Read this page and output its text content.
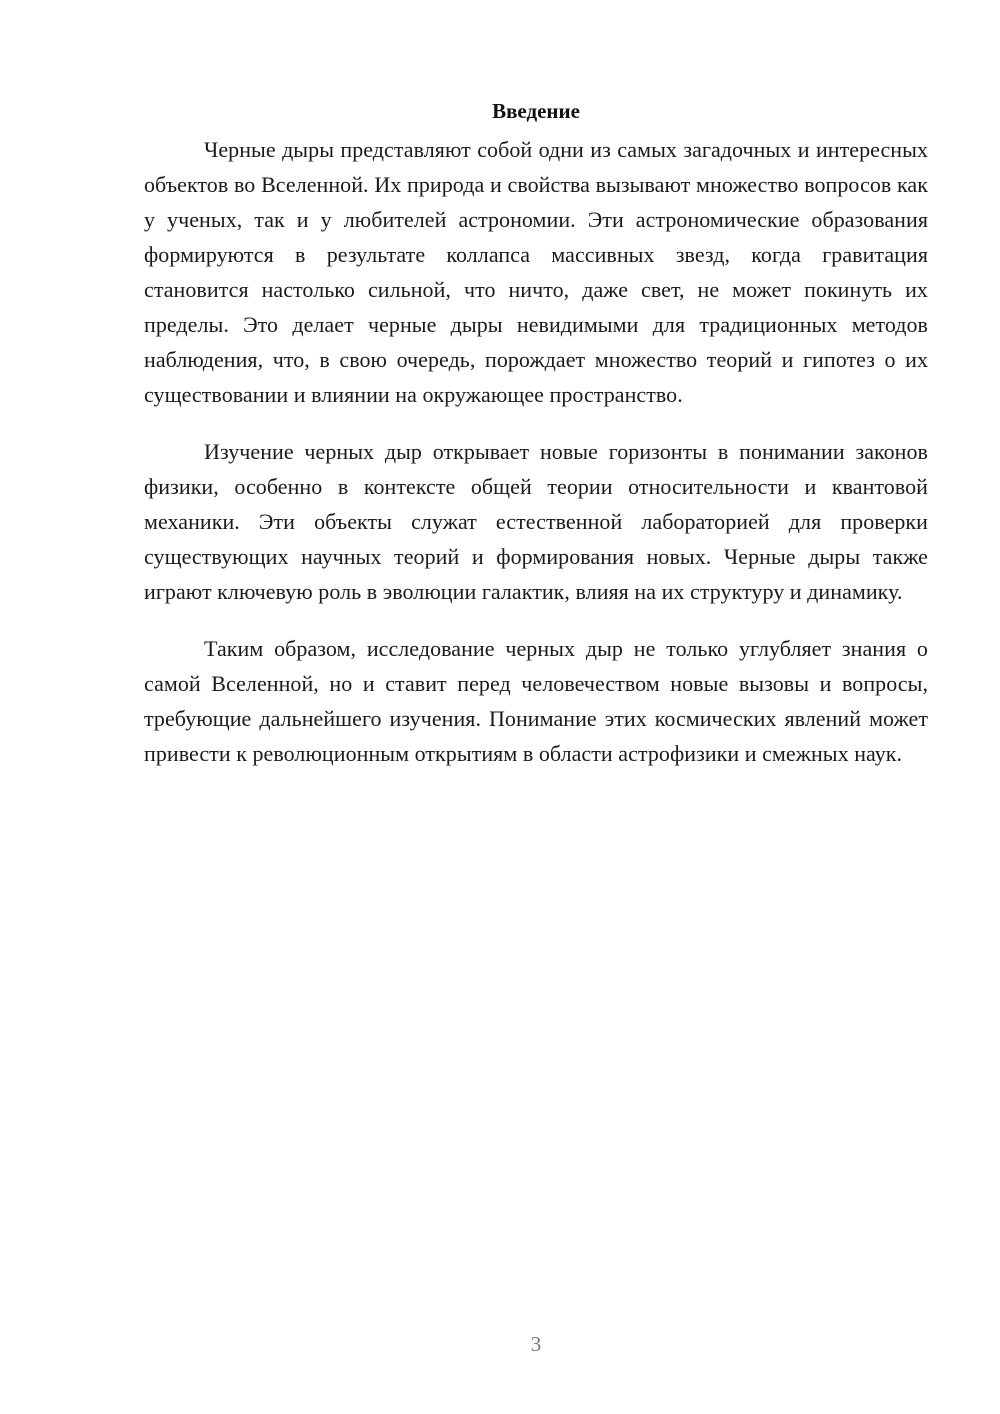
Введение

Черные дыры представляют собой одни из самых загадочных и интересных объектов во Вселенной. Их природа и свойства вызывают множество вопросов как у ученых, так и у любителей астрономии. Эти астрономические образования формируются в результате коллапса массивных звезд, когда гравитация становится настолько сильной, что ничто, даже свет, не может покинуть их пределы. Это делает черные дыры невидимыми для традиционных методов наблюдения, что, в свою очередь, порождает множество теорий и гипотез о их существовании и влиянии на окружающее пространство.

Изучение черных дыр открывает новые горизонты в понимании законов физики, особенно в контексте общей теории относительности и квантовой механики. Эти объекты служат естественной лабораторией для проверки существующих научных теорий и формирования новых. Черные дыры также играют ключевую роль в эволюции галактик, влияя на их структуру и динамику.

Таким образом, исследование черных дыр не только углубляет знания о самой Вселенной, но и ставит перед человечеством новые вызовы и вопросы, требующие дальнейшего изучения. Понимание этих космических явлений может привести к революционным открытиям в области астрофизики и смежных наук.

3
